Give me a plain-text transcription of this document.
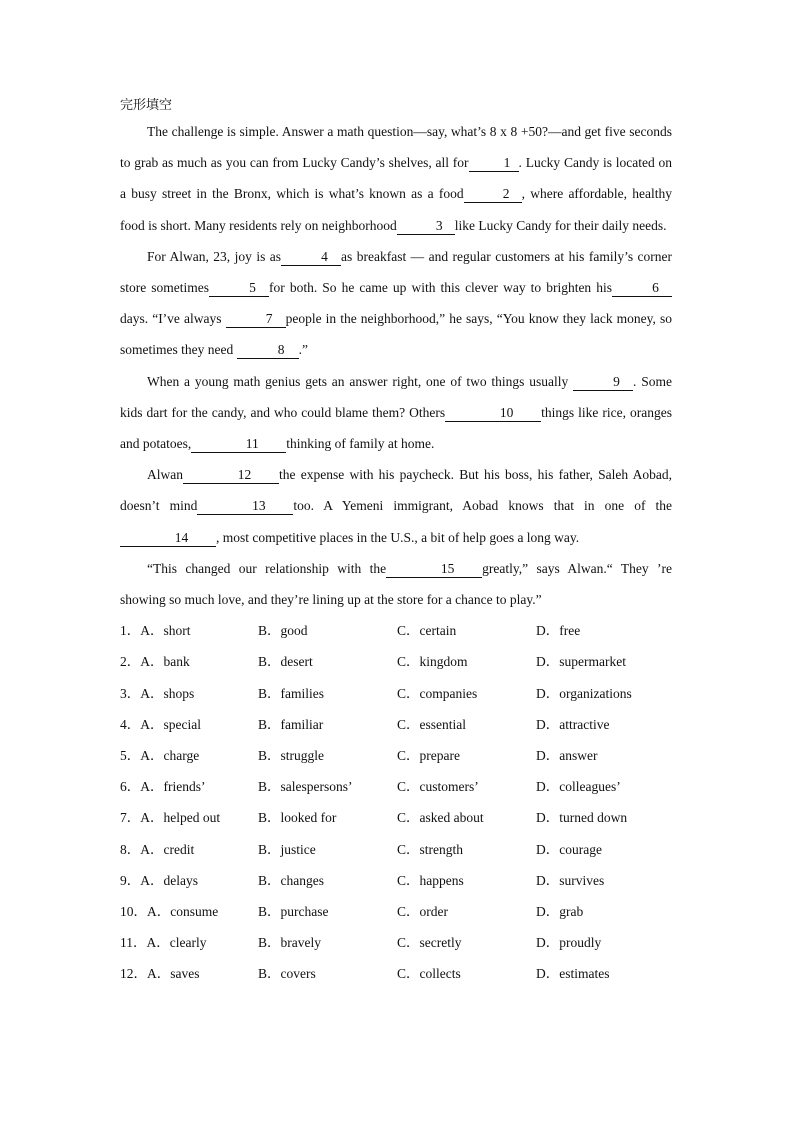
完形填空

The challenge is simple. Answer a math question—say, what’s 8 x 8 +50?—and get five seconds to grab as much as you can from Lucky Candy’s shelves, all for	1 . Lucky Candy is located on a busy street in the Bronx, which is what’s known as a food	2 , where affordable, healthy food is short. Many residents rely on neighborhood	3 like Lucky Candy for their daily needs.

For Alwan, 23, joy is as	4 as breakfast — and regular customers at his family’s corner store sometimes	5 for both. So he came up with this clever way to brighten his	6days. “I’ve always	7 people in the neighborhood,” he says, “You know they lack money, so sometimes they need	8 .”

When a young math genius gets an answer right, one of two things usually	9 . Some kids dart for the candy, and who could blame them? Others	10 things like rice, oranges and potatoes,	11 thinking of family at home.

Alwan	12 the expense with his paycheck. But his boss, his father, Saleh Aobad, doesn’t mind	13 too. A Yemeni immigrant, Aobad knows that in one of the14 , most competitive places in the U.S., a bit of help goes a long way.

“This changed our relationship with the	15 greatly,” says Alwan.“ They ’re showing so much love, and they’re lining up at the store for a chance to play.”

1．A．short	B．good	C．certain	D．free
2．A．bank	B．desert	C．kingdom	D．supermarket
3．A．shops	B．families	C．companies	D．organizations
4．A．special	B．familiar	C．essential	D．attractive
5．A．charge	B．struggle	C．prepare	D．answer
6．A．friends’	B．salespersons’	C．customers’	D．colleagues’
7．A．helped out	B．looked for	C．asked about	D．turned down
8．A．credit	B．justice	C．strength	D．courage
9．A．delays	B．changes	C．happens	D．survives
10．A．consume	B．purchase	C．order	D．grab
11．A．clearly	B．bravely	C．secretly	D．proudly
12．A．saves	B．covers	C．collects	D．estimates
